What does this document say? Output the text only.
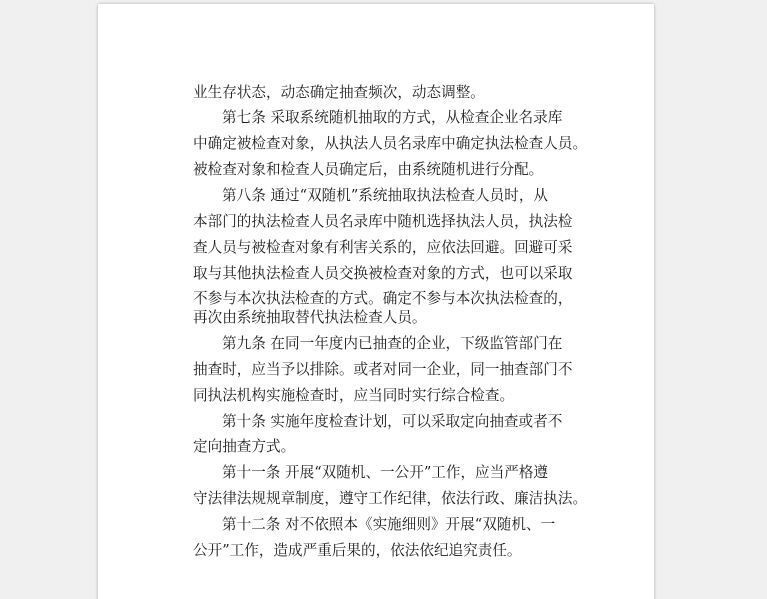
业生存状态，动态确定抽查频次，动态调整。
第七条 采取系统随机抽取的方式，从检查企业名录库
中确定被检查对象，从执法人员名录库中确定执法检查人员。
被检查对象和检查人员确定后，由系统随机进行分配。
第八条 通过“双随机”系统抽取执法检查人员时，从
本部门的执法检查人员名录库中随机选择执法人员，执法检
查人员与被检查对象有利害关系的，应依法回避。回避可采
取与其他执法检查人员交换被检查对象的方式，也可以采取
不参与本次执法检查的方式。确定不参与本次执法检查的，
再次由系统抽取替代执法检查人员。
第九条 在同一年度内已抽查的企业，下级监管部门在
抽查时，应当予以排除。或者对同一企业，同一抽查部门不
同执法机构实施检查时，应当同时实行综合检查。
第十条 实施年度检查计划，可以采取定向抽查或者不
定向抽查方式。
第十一条 开展“双随机、一公开”工作，应当严格遵
守法律法规规章制度，遵守工作纪律，依法行政、廉洁执法。
第十二条 对不依照本《实施细则》开展“双随机、一
公开”工作，造成严重后果的，依法依纪追究责任。
